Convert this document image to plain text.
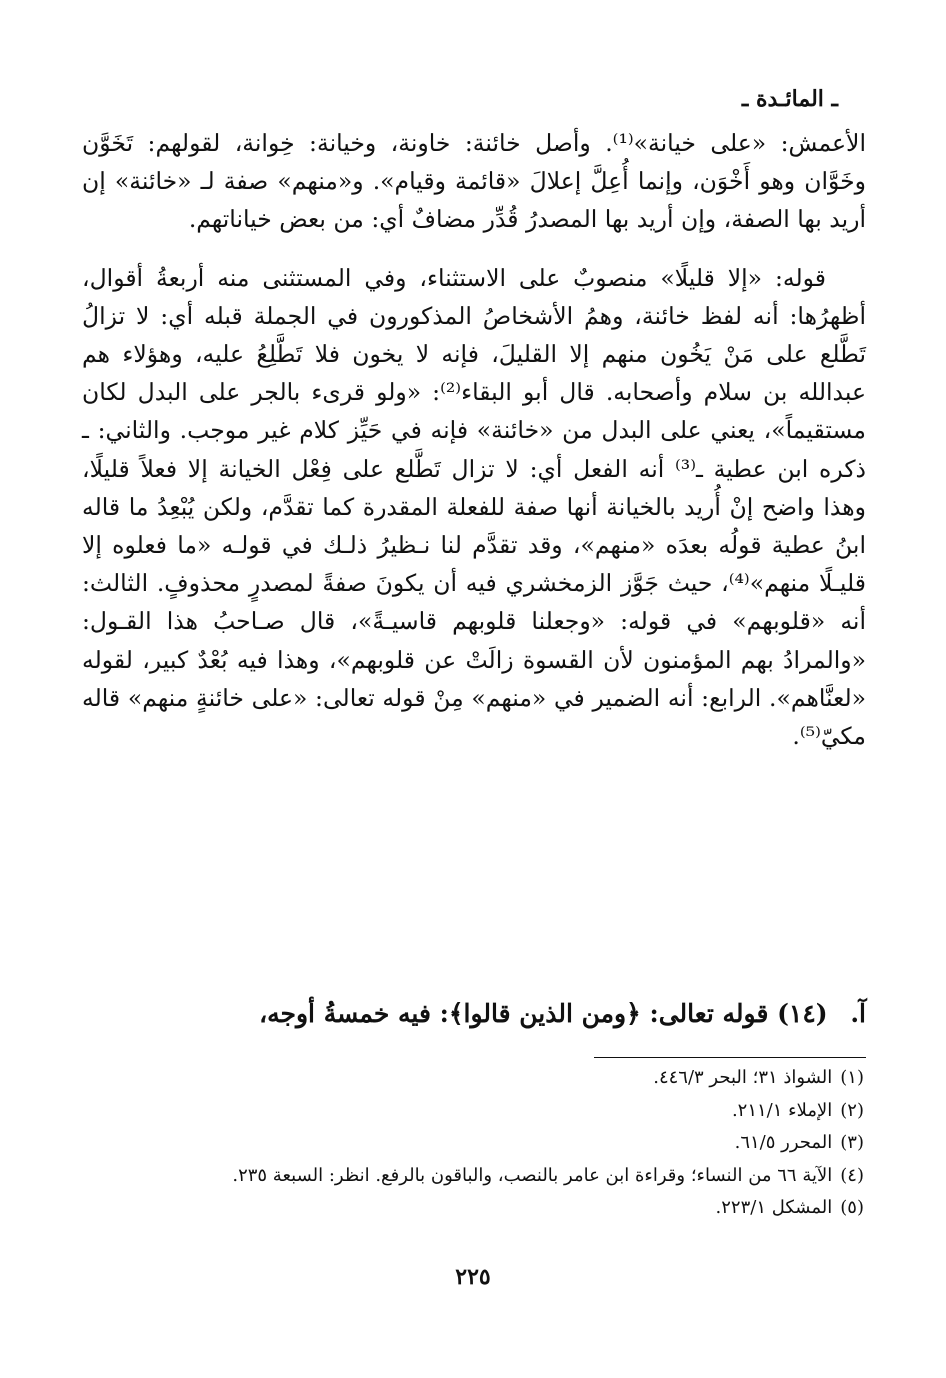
ـ المائـدة ـ

الأعمش: «على خيانة»⁽¹⁾. وأصل خائنة: خاونة، وخيانة: خِوانة، لقولهم: تَخَوَّن وخَوَّان وهو أَخْوَن، وإنما أُعِلَّ إعلالَ «قائمة وقيام». و«منهم» صفة لـ «خائنة» إن أريد بها الصفة، وإن أريد بها المصدرُ قُدِّر مضافٌ أي: من بعض خياناتهم.

قوله: «إلا قليلًا» منصوبٌ على الاستثناء، وفي المستثنى منه أربعةُ أقوال، أظهرُها: أنه لفظ خائنة، وهمُ الأشخاصُ المذكورون في الجملة قبله أي: لا تزالُ تَطَّلع على مَنْ يَخُون منهم إلا القليلَ، فإنه لا يخون فلا تَطَّلِعُ عليه، وهؤلاء هم عبدالله بن سلام وأصحابه. قال أبو البقاء⁽²⁾: «ولو قرىء بالجر على البدل لكان مستقيماً»، يعني على البدل من «خائنة» فإنه في حَيِّز كلام غير موجب. والثاني: ـ ذكره ابن عطية ـ⁽³⁾ أنه الفعل أي: لا تزال تَطَّلع على فِعْل الخيانة إلا فعلاً قليلًا، وهذا واضح إنْ أُريد بالخيانة أنها صفة للفعلة المقدرة كما تقدَّم، ولكن يُبْعِدُ ما قاله ابنُ عطية قولُه بعدَه «منهم»، وقد تقدَّم لنا نـظيرُ ذلـك في قولـه «ما فعلوه إلا قليـلًا منهم»⁽⁴⁾، حيث جَوَّز الزمخشري فيه أن يكونَ صفةً لمصدرٍ محذوفٍ. الثالث: أنه «قلوبهم» في قوله: «وجعلنا قلوبهم قاسيـةً»، قال صـاحبُ هذا القـول: «والمرادُ بهم المؤمنون لأن القسوة زالَتْ عن قلوبهم»، وهذا فيه بُعْدٌ كبير، لقوله «لعنَّاهم». الرابع: أنه الضمير في «منهم» مِنْ قوله تعالى: «على خائنةٍ منهم» قاله مكيّ⁽⁵⁾.

آ. (١٤) قوله تعالى: ﴿ومن الذين قالوا﴾: فيه خمسةُ أوجه،
(١)الشواذ ٣١؛ البحر ٤٤٦/٣.
(٢)الإملاء ٢١١/١.
(٣)المحرر ٦١/٥.
(٤)الآية ٦٦ من النساء؛ وقراءة ابن عامر بالنصب، والباقون بالرفع. انظر: السبعة ٢٣٥.
(٥)المشكل ٢٢٣/١.
٢٢٥
